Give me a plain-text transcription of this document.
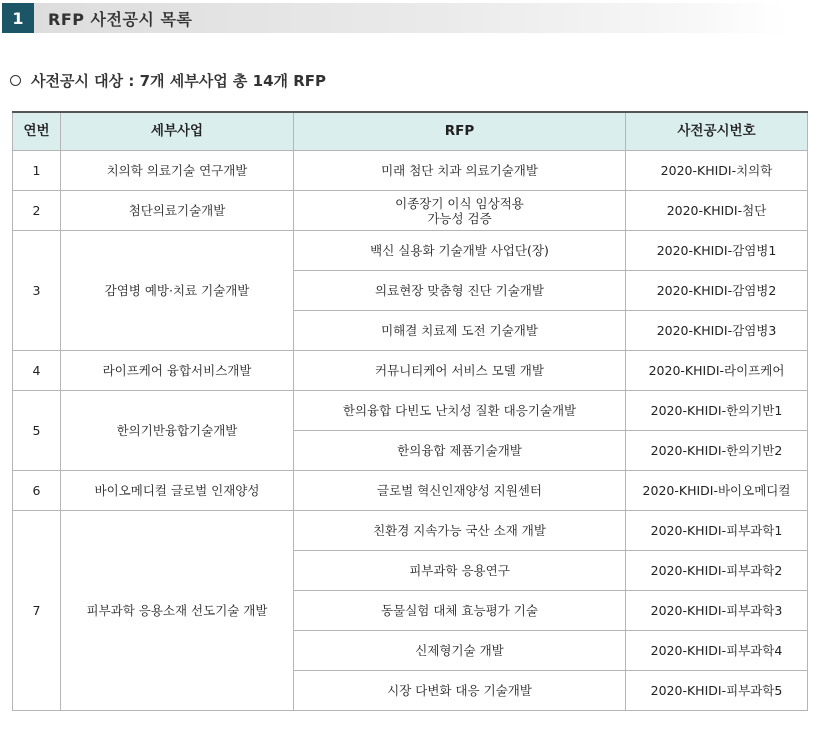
1	RFP 사전공시 목록
사전공시 대상 : 7개 세부사업 총 14개 RFP
연번	세부사업	RFP	사전공시번호
1	치의학 의료기술 연구개발	미래 첨단 치과 의료기술개발	2020-KHIDI-치의학
2	첨단의료기술개발	이종장기 이식 임상적용
가능성 검증	2020-KHIDI-첨단
3	감염병 예방·치료 기술개발	백신 실용화 기술개발 사업단(장)	2020-KHIDI-감염병1
		의료현장 맞춤형 진단 기술개발	2020-KHIDI-감염병2
		미해결 치료제 도전 기술개발	2020-KHIDI-감염병3
4	라이프케어 융합서비스개발	커뮤니티케어 서비스 모델 개발	2020-KHIDI-라이프케어
5	한의기반융합기술개발	한의융합 다빈도 난치성 질환 대응기술개발	2020-KHIDI-한의기반1
		한의융합 제품기술개발	2020-KHIDI-한의기반2
6	바이오메디컬 글로벌 인재양성	글로벌 혁신인재양성 지원센터	2020-KHIDI-바이오메디컬
7	피부과학 응용소재 선도기술 개발	친환경 지속가능 국산 소재 개발	2020-KHIDI-피부과학1
		피부과학 응용연구	2020-KHIDI-피부과학2
		동물실험 대체 효능평가 기술	2020-KHIDI-피부과학3
		신제형기술 개발	2020-KHIDI-피부과학4
		시장 다변화 대응 기술개발	2020-KHIDI-피부과학5
